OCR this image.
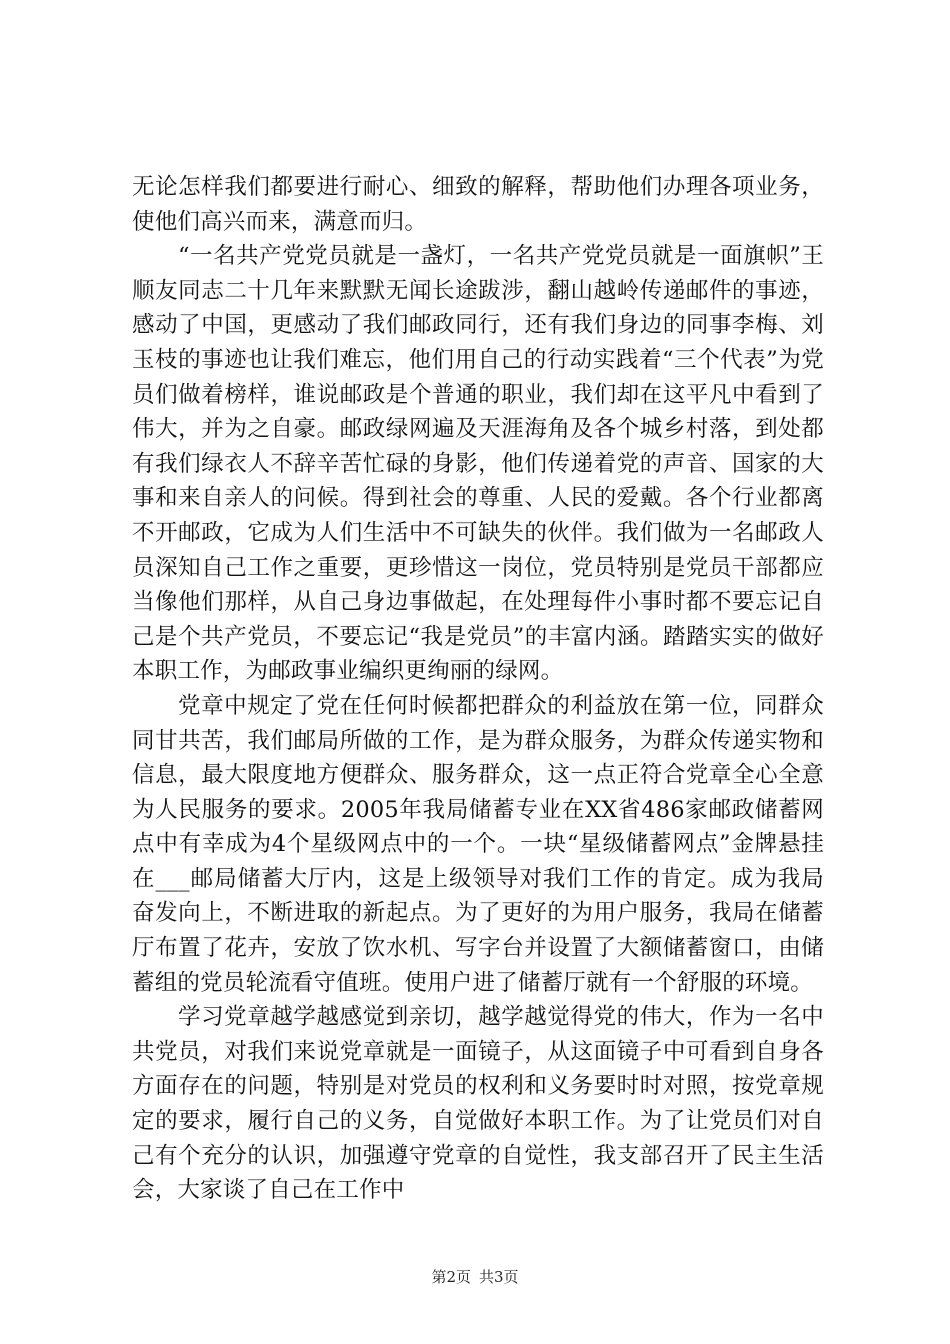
无论怎样我们都要进行耐心、细致的解释，帮助他们办理各项业务，使他们高兴而来，满意而归。

“一名共产党党员就是一盏灯，一名共产党党员就是一面旗帜”王顺友同志二十几年来默默无闻长途跋涉，翻山越岭传递邮件的事迹，感动了中国，更感动了我们邮政同行，还有我们身边的同事李梅、刘玉枝的事迹也让我们难忘，他们用自己的行动实践着“三个代表”为党员们做着榜样，谁说邮政是个普通的职业，我们却在这平凡中看到了伟大，并为之自豪。邮政绿网遍及天涯海角及各个城乡村落，到处都有我们绿衣人不辞辛苦忙碌的身影，他们传递着党的声音、国家的大事和来自亲人的问候。得到社会的尊重、人民的爱戴。各个行业都离不开邮政，它成为人们生活中不可缺失的伙伴。我们做为一名邮政人员深知自己工作之重要，更珍惜这一岗位，党员特别是党员干部都应当像他们那样，从自己身边事做起，在处理每件小事时都不要忘记自己是个共产党员，不要忘记“我是党员”的丰富内涵。踏踏实实的做好本职工作，为邮政事业编织更绚丽的绿网。

党章中规定了党在任何时候都把群众的利益放在第一位，同群众同甘共苦，我们邮局所做的工作，是为群众服务，为群众传递实物和信息，最大限度地方便群众、服务群众，这一点正符合党章全心全意为人民服务的要求。2005年我局储蓄专业在XX省486家邮政储蓄网点中有幸成为4个星级网点中的一个。一块“星级储蓄网点”金牌悬挂在___邮局储蓄大厅内，这是上级领导对我们工作的肯定。成为我局奋发向上，不断进取的新起点。为了更好的为用户服务，我局在储蓄厅布置了花卉，安放了饮水机、写字台并设置了大额储蓄窗口，由储蓄组的党员轮流看守值班。使用户进了储蓄厅就有一个舒服的环境。

学习党章越学越感觉到亲切，越学越觉得党的伟大，作为一名中共党员，对我们来说党章就是一面镜子，从这面镜子中可看到自身各方面存在的问题，特别是对党员的权利和义务要时时对照，按党章规定的要求，履行自己的义务，自觉做好本职工作。为了让党员们对自己有个充分的认识，加强遵守党章的自觉性，我支部召开了民主生活会，大家谈了自己在工作中

第2页 共3页
